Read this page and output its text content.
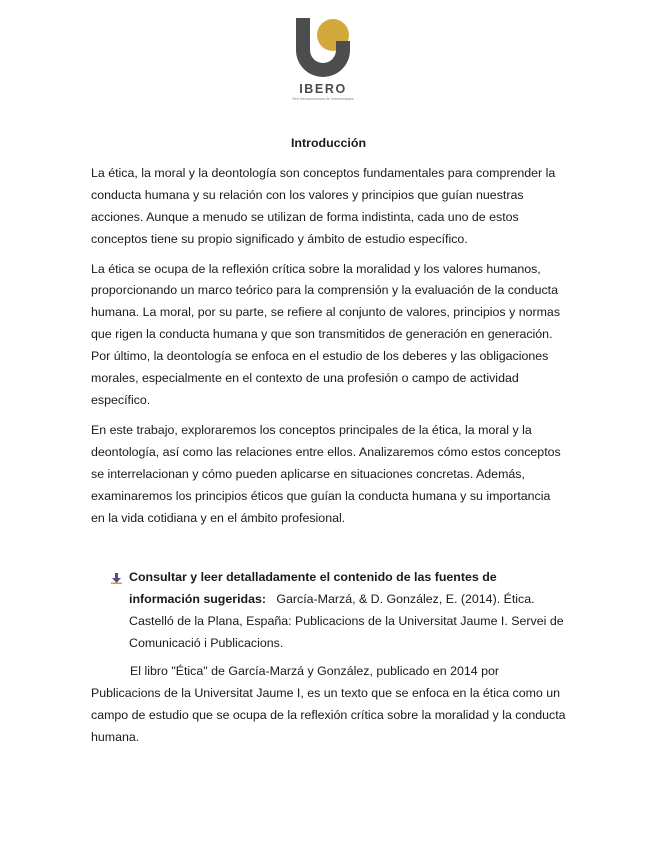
IBERO
Red Iberoamericana de Universidades
Introducción

La ética, la moral y la deontología son conceptos fundamentales para comprender la conducta humana y su relación con los valores y principios que guían nuestras acciones. Aunque a menudo se utilizan de forma indistinta, cada uno de estos conceptos tiene su propio significado y ámbito de estudio específico.

La ética se ocupa de la reflexión crítica sobre la moralidad y los valores humanos, proporcionando un marco teórico para la comprensión y la evaluación de la conducta humana. La moral, por su parte, se refiere al conjunto de valores, principios y normas que rigen la conducta humana y que son transmitidos de generación en generación. Por último, la deontología se enfoca en el estudio de los deberes y las obligaciones morales, especialmente en el contexto de una profesión o campo de actividad específico.

En este trabajo, exploraremos los conceptos principales de la ética, la moral y la deontología, así como las relaciones entre ellos. Analizaremos cómo estos conceptos se interrelacionan y cómo pueden aplicarse en situaciones concretas. Además, examinaremos los principios éticos que guían la conducta humana y su importancia en la vida cotidiana y en el ámbito profesional.

Consultar y leer detalladamente el contenido de las fuentes de información sugeridas: García-Marzá, & D. González, E. (2014). Ética. Castelló de la Plana, España: Publicacions de la Universitat Jaume I. Servei de Comunicació i Publicacions.

El libro "Ética" de García-Marzá y González, publicado en 2014 por Publicacions de la Universitat Jaume I, es un texto que se enfoca en la ética como un campo de estudio que se ocupa de la reflexión crítica sobre la moralidad y la conducta humana.
